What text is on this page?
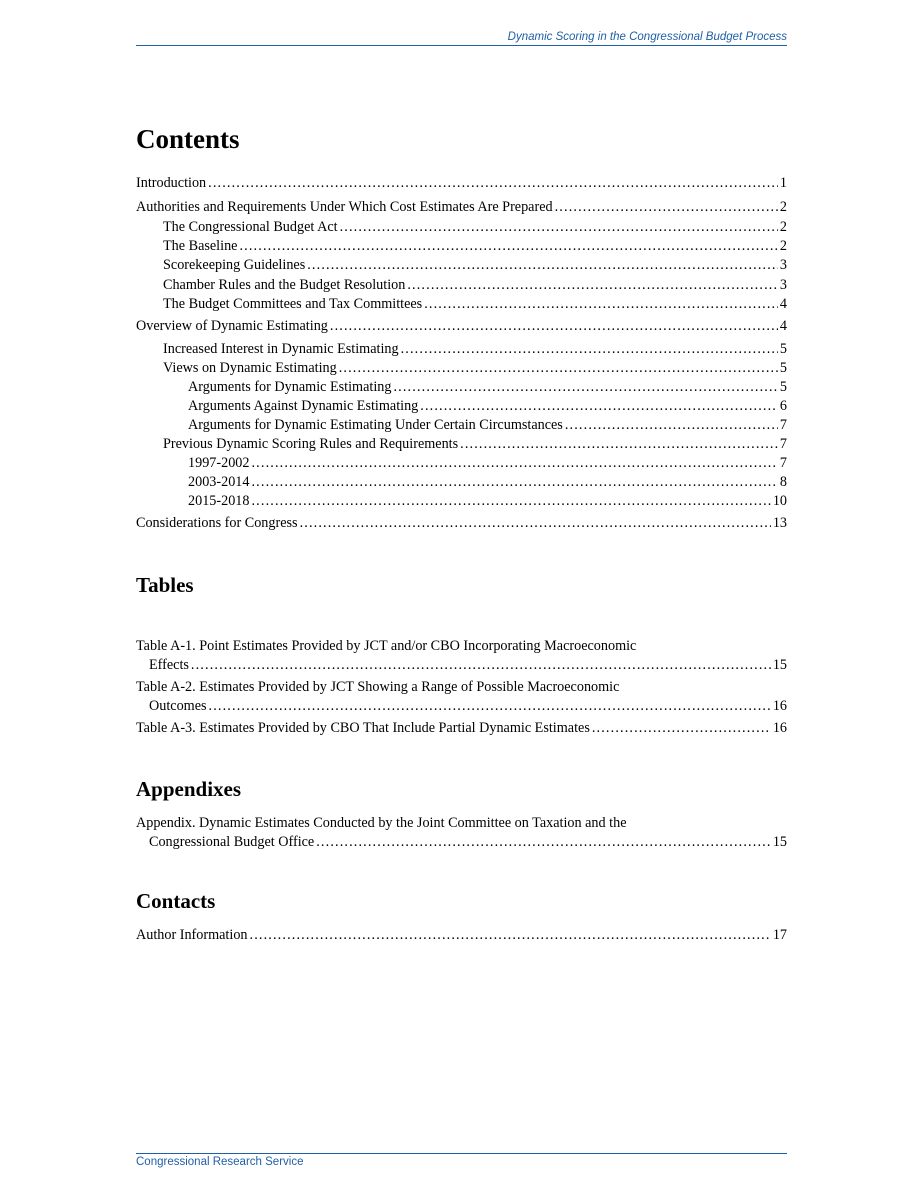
Dynamic Scoring in the Congressional Budget Process
Contents
Introduction . . .	1
Authorities and Requirements Under Which Cost Estimates Are Prepared . . .	2
The Congressional Budget Act . . .	2
The Baseline . . .	2
Scorekeeping Guidelines . . .	3
Chamber Rules and the Budget Resolution . . .	3
The Budget Committees and Tax Committees . . .	4
Overview of Dynamic Estimating . . .	4
Increased Interest in Dynamic Estimating . . .	5
Views on Dynamic Estimating . . .	5
Arguments for Dynamic Estimating . . .	5
Arguments Against Dynamic Estimating . . .	6
Arguments for Dynamic Estimating Under Certain Circumstances . . .	7
Previous Dynamic Scoring Rules and Requirements . . .	7
1997-2002 . . .	7
2003-2014 . . .	8
2015-2018 . . .	10
Considerations for Congress . . .	13
Tables
Table A-1. Point Estimates Provided by JCT and/or CBO Incorporating Macroeconomic
Effects . . .	15
Table A-2. Estimates Provided by JCT Showing a Range of Possible Macroeconomic
Outcomes . . .	16
Table A-3. Estimates Provided by CBO That Include Partial Dynamic Estimates . . .	16
Appendixes
Appendix. Dynamic Estimates Conducted by the Joint Committee on Taxation and the
Congressional Budget Office . . .	15
Contacts
Author Information . . .	17
Congressional Research Service
